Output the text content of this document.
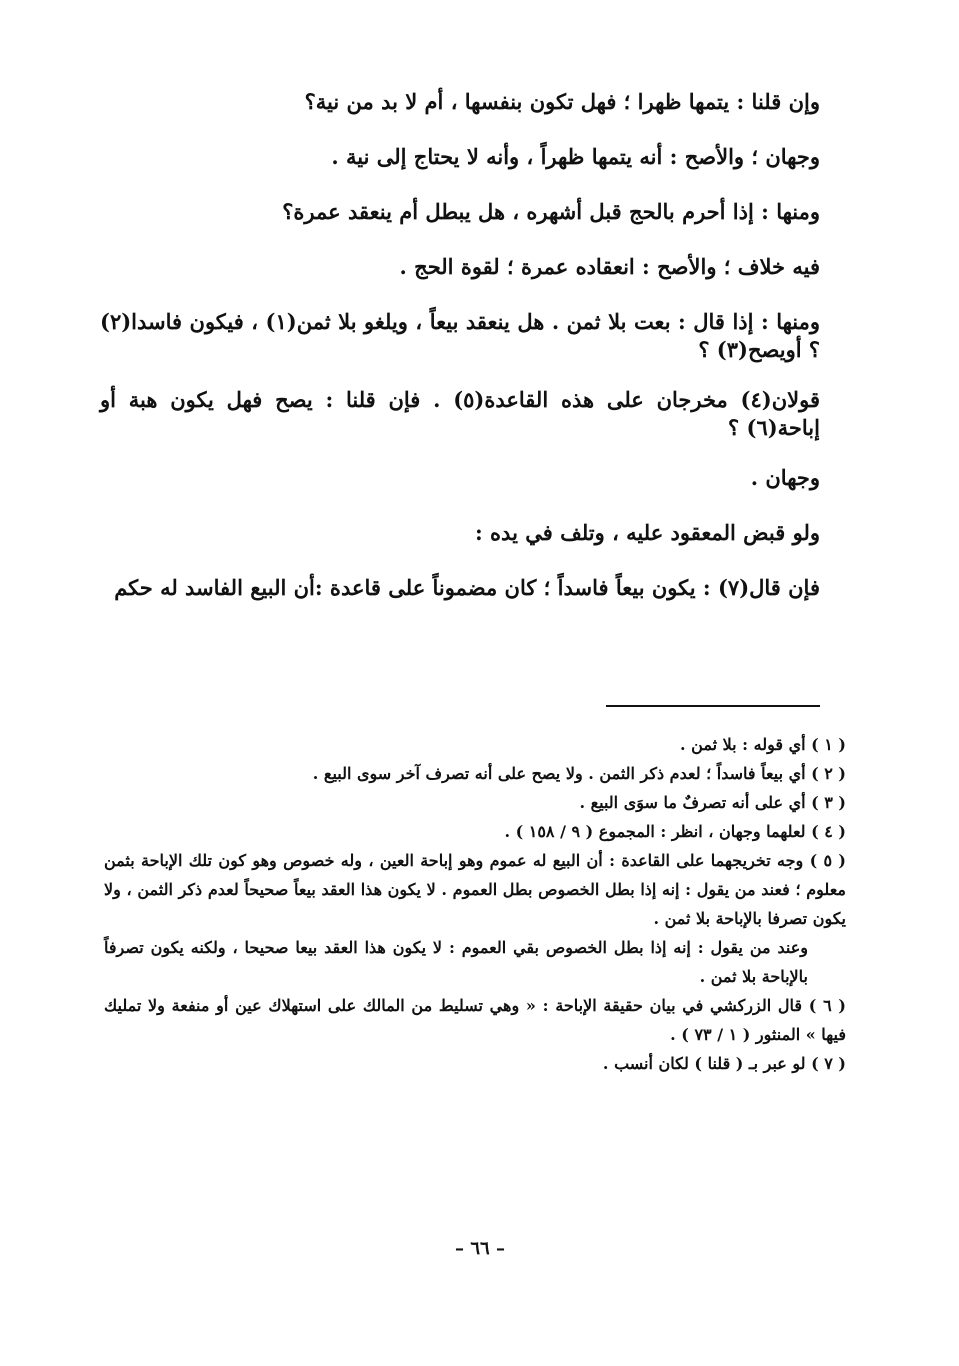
وإن قلنا : يتمها ظهرا ؛ فهل تكون بنفسها ، أم لا بد من نية؟

وجهان ؛ والأصح : أنه يتمها ظهراً ، وأنه لا يحتاج إلى نية .

ومنها : إذا أحرم بالحج قبل أشهره ، هل يبطل أم ينعقد عمرة؟

فيه خلاف ؛ والأصح : انعقاده عمرة ؛ لقوة الحج .

ومنها : إذا قال : بعت بلا ثمن . هل ينعقد بيعاً ، ويلغو بلا ثمن(١) ، فيكون فاسدا(٢) ؟ أويصح(٣) ؟

قولان(٤) مخرجان على هذه القاعدة(٥) . فإن قلنا : يصح فهل يكون هبة أو إباحة(٦) ؟

وجهان .

ولو قبض المعقود عليه ، وتلف في يده :

فإن قال(٧) : يكون بيعاً فاسداً ؛ كان مضموناً على قاعدة :أن البيع الفاسد له حكم

( ١ ) أي قوله : بلا ثمن .

( ٢ ) أي بيعاً فاسداً ؛ لعدم ذكر الثمن . ولا يصح على أنه تصرف آخر سوى البيع .

( ٣ ) أي على أنه تصرفٌ ما سوَى البيع .

( ٤ ) لعلهما وجهان ، انظر : المجموع ( ٩ / ١٥٨ ) .

( ٥ ) وجه تخريجهما على القاعدة : أن البيع له عموم وهو إباحة العين ، وله خصوص وهو كون تلك الإباحة بثمن معلوم ؛ فعند من يقول : إنه إذا بطل الخصوص بطل العموم . لا يكون هذا العقد بيعاً صحيحاً لعدم ذكر الثمن ، ولا يكون تصرفا بالإباحة بلا ثمن .

وعند من يقول : إنه إذا بطل الخصوص بقي العموم : لا يكون هذا العقد بيعا صحيحا ، ولكنه يكون تصرفاً بالإباحة بلا ثمن .

( ٦ ) قال الزركشي في بيان حقيقة الإباحة : « وهي تسليط من المالك على استهلاك عين أو منفعة ولا تمليك فيها » المنثور ( ١ / ٧٣ ) .

( ٧ ) لو عبر بـ ( قلنا ) لكان أنسب .

– ٦٦ –
